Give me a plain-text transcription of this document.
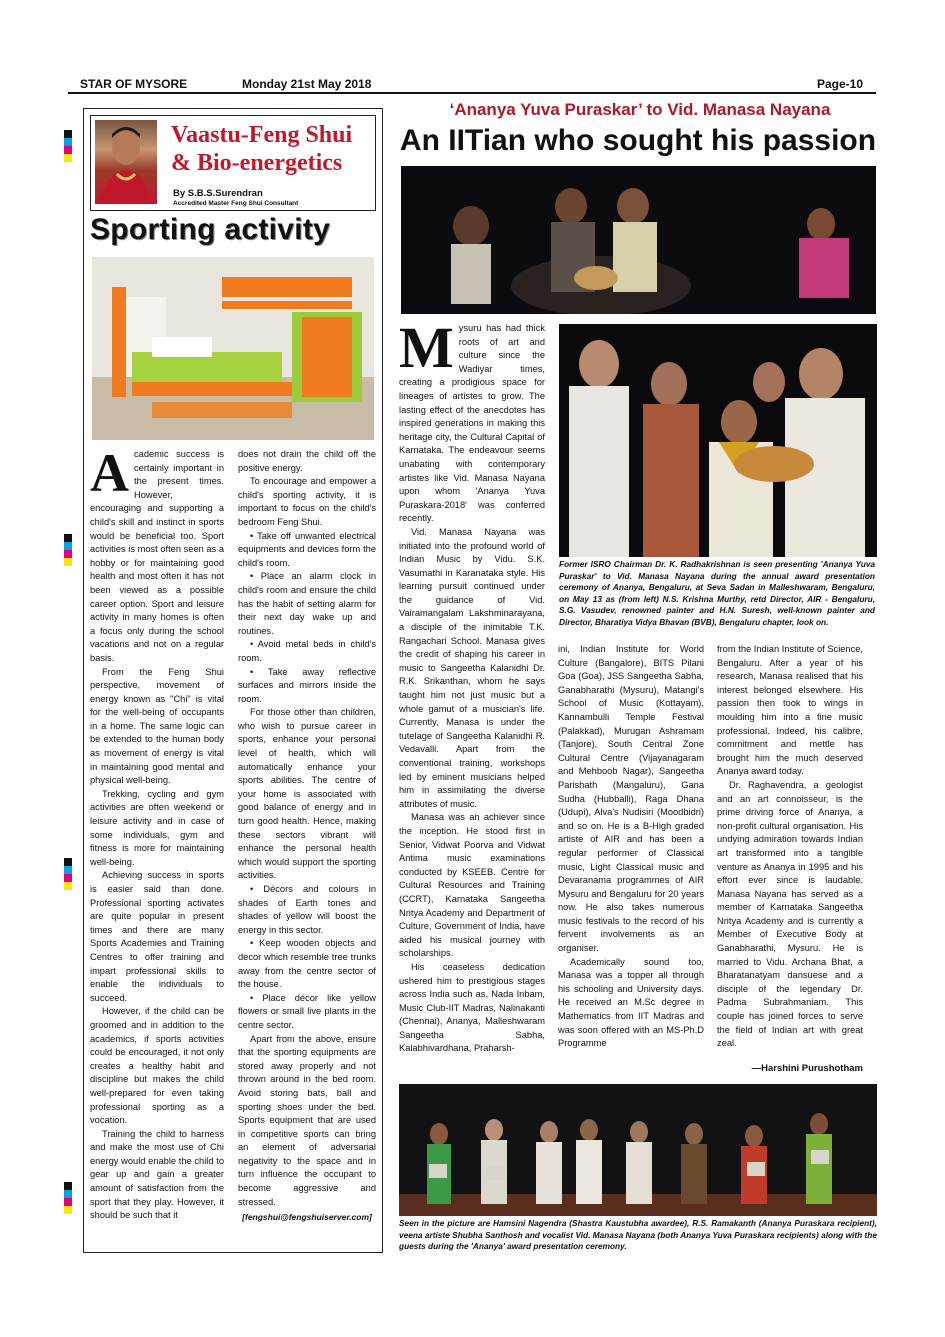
STAR OF MYSORE	Monday 21st May 2018	Page-10
Vaastu-Feng Shui
& Bio-energetics
By S.B.S.Surendran
Accredited Master Feng Shui Consultant
Sporting activity

Academic success is certainly important in the present times. However, encouraging and supporting a child's skill and instinct in sports would be beneficial too. Sport activities is most often seen as a hobby or for maintaining good health and most often it has not been viewed as a possible career option. Sport and leisure activity in many homes is often a focus only during the school vacations and not on a regular basis.

From the Feng Shui perspective, movement of energy known as "Chi" is vital for the well-being of occupants in a home. The same logic can be extended to the human body as movement of energy is vital in maintaining good mental and physical well-being.

Trekking, cycling and gym activities are often weekend or leisure activity and in case of some individuals, gym and fitness is more for maintaining well-being.

Achieving success in sports is easier said than done. Professional sporting activates are quite popular in present times and there are many Sports Academies and Training Centres to offer training and impart professional skills to enable the individuals to succeed.

However, if the child can be groomed and in addition to the academics, if sports activities could be encouraged, it not only creates a healthy habit and discipline but makes the child well-prepared for even taking professional sporting as a vocation.

Training the child to harness and make the most use of Chi energy would enable the child to gear up and gain a greater amount of satisfaction from the sport that they play. However, it should be such that it

does not drain the child off the positive energy.

To encourage and empower a child's sporting activity, it is important to focus on the child's bedroom Feng Shui.

• Take off unwanted electrical equipments and devices form the child's room.

• Place an alarm clock in child's room and ensure the child has the habit of setting alarm for their next day wake up and routines.

• Avoid metal beds in child's room.

• Take away reflective surfaces and mirrors inside the room.

For those other than children, who wish to pursue career in sports, enhance your personal level of health, which will automatically enhance your sports abilities. The centre of your home is associated with good balance of energy and in turn good health. Hence, making these sectors vibrant will enhance the personal health which would support the sporting activities.

• Décors and colours in shades of Earth tones and shades of yellow will boost the energy in this sector.

• Keep wooden objects and decor which resemble tree trunks away from the centre sector of the house.

• Place décor like yellow flowers or small live plants in the centre sector.

Apart from the above, ensure that the sporting equipments are stored away properly and not thrown around in the bed room. Avoid storing bats, ball and sporting shoes under the bed. Sports equipment that are used in competitive sports can bring an element of adversarial negativity to the space and in turn influence the occupant to become aggressive and stressed.

[fengshui@fengshuiserver.com]

‘Ananya Yuva Puraskar’ to Vid. Manasa Nayana
An IITian who sought his passion

Mysuru has had thick roots of art and culture since the Wadiyar times, creating a prodigious space for lineages of artistes to grow. The lasting effect of the anecdotes has inspired generations in making this heritage city, the Cultural Capital of Karnataka. The endeavour seems unabating with contemporary artistes like Vid. Manasa Nayana upon whom 'Ananya Yuva Puraskara-2018' was conferred recently.

Vid. Manasa Nayana was initiated into the profound world of Indian Music by Vidu. S.K. Vasumathi in Karanataka style. His learning pursuit continued under the guidance of Vid. Vairamangalam Lakshminarayana, a disciple of the inimitable T.K. Rangachari School. Manasa gives the credit of shaping his career in music to Sangeetha Kalanidhi Dr. R.K. Srikanthan, whom he says taught him not just music but a whole gamut of a musician's life. Currently, Manasa is under the tutelage of Sangeetha Kalanidhi R. Vedavalli. Apart from the conventional training, workshops led by eminent musicians helped him in assimilating the diverse attributes of music.

Manasa was an achiever since the inception. He stood first in Senior, Vidwat Poorva and Vidwat Antima music examinations conducted by KSEEB. Centre for Cultural Resources and Training (CCRT), Karnataka Sangeetha Nritya Academy and Department of Culture, Government of India, have aided his musical journey with scholarships.

His ceaseless dedication ushered him to prestigious stages across India such as, Nada Inbam, Music Club-IIT Madras, Nalinakanti (Chennai), Ananya, Malleshwaram Sangeetha Sabha, Kalabhivardhana, Praharsh-

Former ISRO Chairman Dr. K. Radhakrishnan is seen presenting 'Ananya Yuva Puraskar' to Vid. Manasa Nayana during the annual award presentation ceremony of Ananya, Bengaluru, at Seva Sadan in Malleshwaram, Bengaluru, on May 13 as (from left) N.S. Krishna Murthy, retd Director, AIR - Bengaluru, S.G. Vasudev, renowned painter and H.N. Suresh, well-known painter and Director, Bharatiya Vidya Bhavan (BVB), Bengaluru chapter, look on.

ini, Indian Institute for World Culture (Bangalore), BITS Pilani Goa (Goa), JSS Sangeetha Sabha, Ganabharathi (Mysuru), Matangi's School of Music (Kottayam), Kannambulli Temple Festival (Palakkad), Murugan Ashramam (Tanjore), South Central Zone Cultural Centre (Vijayanagaram and Mehboob Nagar), Sangeetha Parishath (Mangaluru), Gana Sudha (Hubballi), Raga Dhana (Udupi), Alva's Nudisiri (Moodbidri) and so on. He is a B-High graded artiste of AIR and has been a regular performer of Classical music, Light Classical music and Devaranama programmes of AIR Mysuru and Bengaluru for 20 years now. He also takes numerous music festivals to the record of his fervent involvements as an organiser.

Academically sound too, Manasa was a topper all through his schooling and University days. He received an M.Sc degree in Mathematics from IIT Madras and was soon offered with an MS-Ph.D Programme

from the Indian Institute of Science, Bengaluru. After a year of his research, Manasa realised that his interest belonged elsewhere. His passion then took to wings in moulding him into a fine music professional. Indeed, his calibre, commitment and mettle has brought him the much deserved Ananya award today.

Dr. Raghavendra, a geologist and an art connoisseur, is the prime driving force of Ananya, a non-profit cultural organisation. His undying admiration towards Indian art transformed into a tangible venture as Ananya in 1995 and his effort ever since is laudable. Manasa Nayana has served as a member of Karnataka Sangeetha Nritya Academy and is currently a Member of Executive Body at Ganabharathi, Mysuru. He is married to Vidu. Archana Bhat, a Bharatanatyam dansuese and a disciple of the legendary Dr. Padma Subrahmaniam. This couple has joined forces to serve the field of Indian art with great zeal.

—Harshini Purushotham
Seen in the picture are Hamsini Nagendra (Shastra Kaustubha awardee), R.S. Ramakanth (Ananya Puraskara recipient), veena artiste Shubha Santhosh and vocalist Vid. Manasa Nayana (both Ananya Yuva Puraskara recipients) along with the guests during the 'Ananya' award presentation ceremony.
